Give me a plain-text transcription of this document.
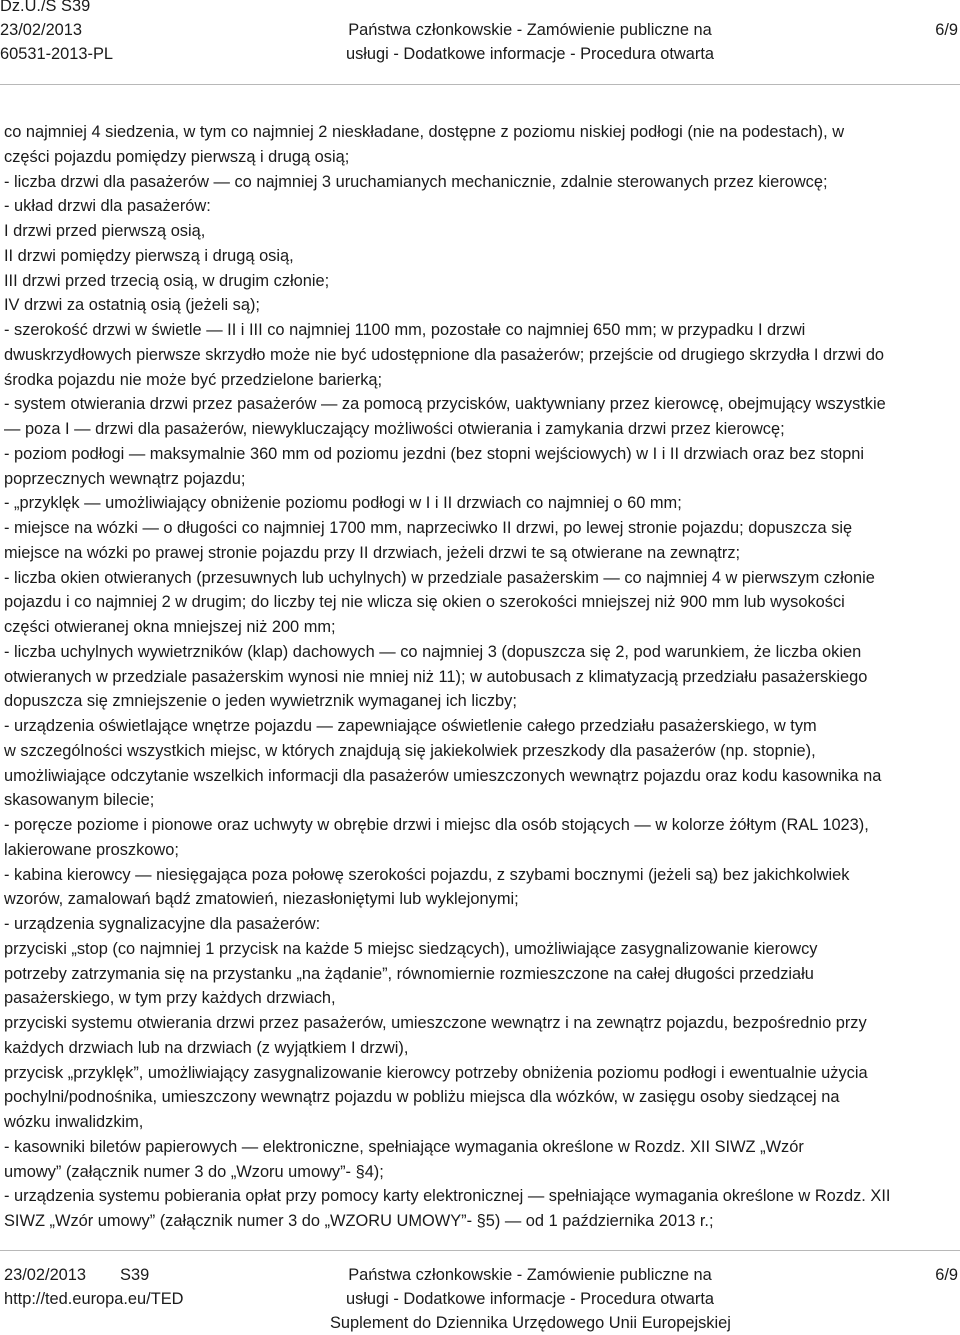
Dz.U./S S39
23/02/2013
60531-2013-PL
Państwa członkowskie - Zamówienie publiczne na
usługi - Dodatkowe informacje - Procedura otwarta
6/9
co najmniej 4 siedzenia, w tym co najmniej 2 nieskładane, dostępne z poziomu niskiej podłogi (nie na podestach), w
części pojazdu pomiędzy pierwszą i drugą osią;
- liczba drzwi dla pasażerów — co najmniej 3 uruchamianych mechanicznie, zdalnie sterowanych przez kierowcę;
- układ drzwi dla pasażerów:
I drzwi przed pierwszą osią,
II drzwi pomiędzy pierwszą i drugą osią,
III drzwi przed trzecią osią, w drugim członie;
IV drzwi za ostatnią osią (jeżeli są);
- szerokość drzwi w świetle — II i III co najmniej 1100 mm, pozostałe co najmniej 650 mm; w przypadku I drzwi
dwuskrzydłowych pierwsze skrzydło może nie być udostępnione dla pasażerów; przejście od drugiego skrzydła I drzwi do
środka pojazdu nie może być przedzielone barierką;
- system otwierania drzwi przez pasażerów — za pomocą przycisków, uaktywniany przez kierowcę, obejmujący wszystkie
— poza I — drzwi dla pasażerów, niewykluczający możliwości otwierania i zamykania drzwi przez kierowcę;
- poziom podłogi — maksymalnie 360 mm od poziomu jezdni (bez stopni wejściowych) w I i II drzwiach oraz bez stopni
poprzecznych wewnątrz pojazdu;
- „przyklęk — umożliwiający obniżenie poziomu podłogi w I i II drzwiach co najmniej o 60 mm;
- miejsce na wózki — o długości co najmniej 1700 mm, naprzeciwko II drzwi, po lewej stronie pojazdu; dopuszcza się
miejsce na wózki po prawej stronie pojazdu przy II drzwiach, jeżeli drzwi te są otwierane na zewnątrz;
- liczba okien otwieranych (przesuwnych lub uchylnych) w przedziale pasażerskim — co najmniej 4 w pierwszym członie
pojazdu i co najmniej 2 w drugim; do liczby tej nie wlicza się okien o szerokości mniejszej niż 900 mm lub wysokości
części otwieranej okna mniejszej niż 200 mm;
- liczba uchylnych wywietrzników (klap) dachowych — co najmniej 3 (dopuszcza się 2, pod warunkiem, że liczba okien
otwieranych w przedziale pasażerskim wynosi nie mniej niż 11); w autobusach z klimatyzacją przedziału pasażerskiego
dopuszcza się zmniejszenie o jeden wywietrznik wymaganej ich liczby;
- urządzenia oświetlające wnętrze pojazdu — zapewniające oświetlenie całego przedziału pasażerskiego, w tym
w szczególności wszystkich miejsc, w których znajdują się jakiekolwiek przeszkody dla pasażerów (np. stopnie),
umożliwiające odczytanie wszelkich informacji dla pasażerów umieszczonych wewnątrz pojazdu oraz kodu kasownika na
skasowanym bilecie;
- poręcze poziome i pionowe oraz uchwyty w obrębie drzwi i miejsc dla osób stojących — w kolorze żółtym (RAL 1023),
lakierowane proszkowo;
- kabina kierowcy — niesięgająca poza połowę szerokości pojazdu, z szybami bocznymi (jeżeli są) bez jakichkolwiek
wzorów, zamalowań bądź zmatowień, niezasłoniętymi lub wyklejonymi;
- urządzenia sygnalizacyjne dla pasażerów:
przyciski „stop (co najmniej 1 przycisk na każde 5 miejsc siedzących), umożliwiające zasygnalizowanie kierowcy
potrzeby zatrzymania się na przystanku „na żądanie”, równomiernie rozmieszczone na całej długości przedziału
pasażerskiego, w tym przy każdych drzwiach,
przyciski systemu otwierania drzwi przez pasażerów, umieszczone wewnątrz i na zewnątrz pojazdu, bezpośrednio przy
każdych drzwiach lub na drzwiach (z wyjątkiem I drzwi),
przycisk „przyklęk”, umożliwiający zasygnalizowanie kierowcy potrzeby obniżenia poziomu podłogi i ewentualnie użycia
pochylni/podnośnika, umieszczony wewnątrz pojazdu w pobliżu miejsca dla wózków, w zasięgu osoby siedzącej na
wózku inwalidzkim,
- kasowniki biletów papierowych — elektroniczne, spełniające wymagania określone w Rozdz. XII SIWZ „Wzór
umowy” (załącznik numer 3 do „Wzoru umowy”- §4);
- urządzenia systemu pobierania opłat przy pomocy karty elektronicznej — spełniające wymagania określone w Rozdz. XII
SIWZ „Wzór umowy” (załącznik numer 3 do „WZORU UMOWY”- §5) — od 1 października 2013 r.;
23/02/2013 S39
http://ted.europa.eu/TED
Państwa członkowskie - Zamówienie publiczne na
usługi - Dodatkowe informacje - Procedura otwarta
Suplement do Dziennika Urzędowego Unii Europejskiej
6/9
